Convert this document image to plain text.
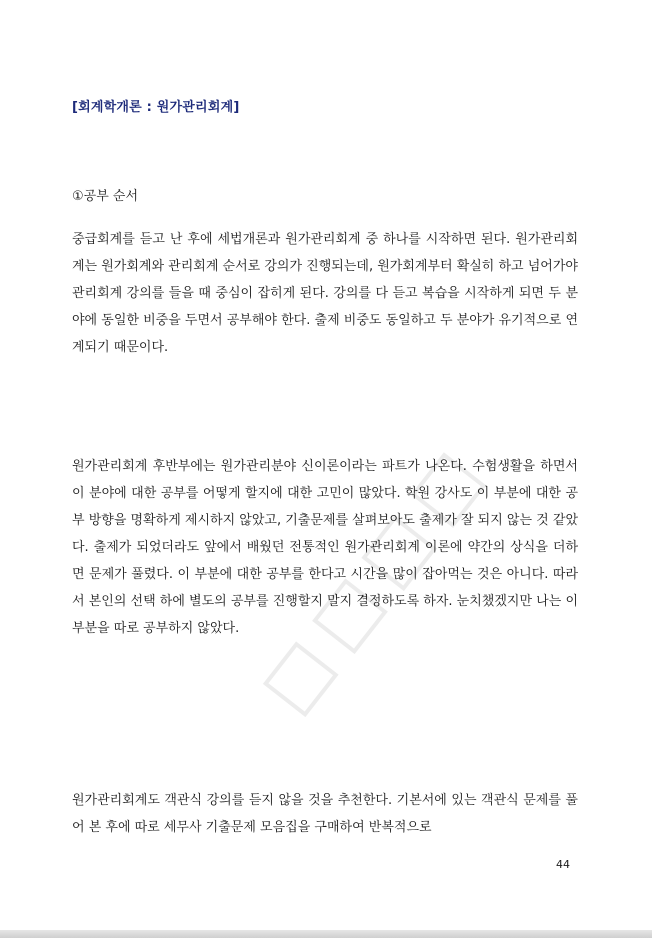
[회계학개론 : 원가관리회계]
①공부 순서

중급회계를 듣고 난 후에 세법개론과 원가관리회계 중 하나를 시작하면 된다. 원가관리회계는 원가회계와 관리회계 순서로 강의가 진행되는데, 원가회계부터 확실히 하고 넘어가야 관리회계 강의를 들을 때 중심이 잡히게 된다. 강의를 다 듣고 복습을 시작하게 되면 두 분야에 동일한 비중을 두면서 공부해야 한다. 출제 비중도 동일하고 두 분야가 유기적으로 연계되기 때문이다.

원가관리회계 후반부에는 원가관리분야 신이론이라는 파트가 나온다. 수험생활을 하면서 이 분야에 대한 공부를 어떻게 할지에 대한 고민이 많았다. 학원 강사도 이 부분에 대한 공부 방향을 명확하게 제시하지 않았고, 기출문제를 살펴보아도 출제가 잘 되지 않는 것 같았다. 출제가 되었더라도 앞에서 배웠던 전통적인 원가관리회계 이론에 약간의 상식을 더하면 문제가 풀렸다. 이 부분에 대한 공부를 한다고 시간을 많이 잡아먹는 것은 아니다. 따라서 본인의 선택 하에 별도의 공부를 진행할지 말지 결정하도록 하자. 눈치챘겠지만 나는 이 부분을 따로 공부하지 않았다.

원가관리회계도 객관식 강의를 듣지 않을 것을 추천한다. 기본서에 있는 객관식 문제를 풀어 본 후에 따로 세무사 기출문제 모음집을 구매하여 반복적으로

44
